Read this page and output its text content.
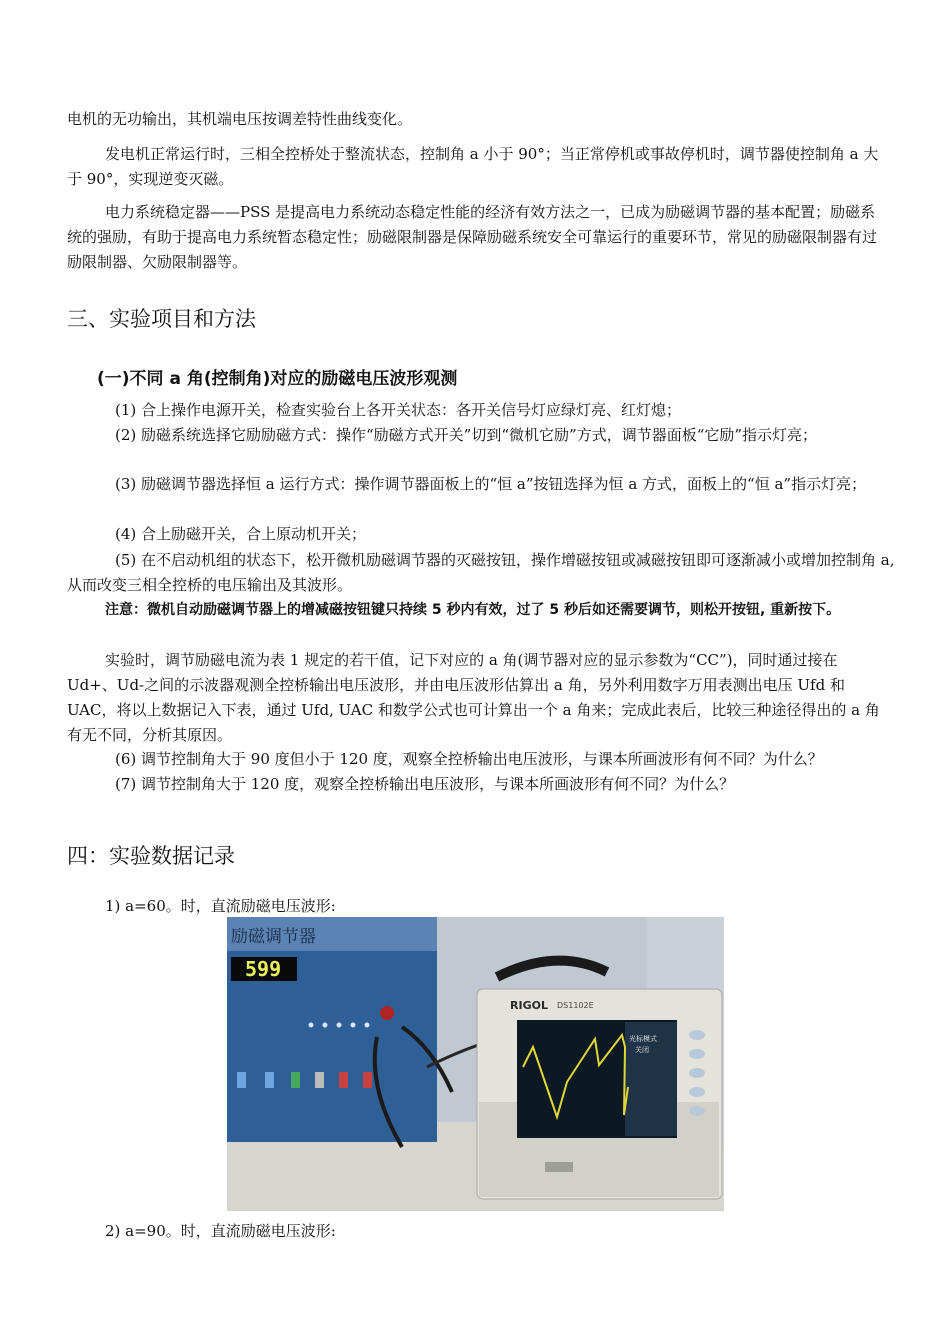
电机的无功输出，其机端电压按调差特性曲线变化。

发电机正常运行时，三相全控桥处于整流状态，控制角 a 小于 90°；当正常停机或事故停机时，调节器使控制角 a 大于 90°，实现逆变灭磁。

电力系统稳定器——PSS 是提高电力系统动态稳定性能的经济有效方法之一，已成为励磁调节器的基本配置；励磁系统的强励，有助于提高电力系统暂态稳定性；励磁限制器是保障励磁系统安全可靠运行的重要环节，常见的励磁限制器有过励限制器、欠励限制器等。

三、实验项目和方法
(一)不同 a 角(控制角)对应的励磁电压波形观测

(1) 合上操作电源开关，检查实验台上各开关状态：各开关信号灯应绿灯亮、红灯熄；

(2) 励磁系统选择它励励磁方式：操作“励磁方式开关”切到“微机它励”方式，调节器面板“它励”指示灯亮；

(3) 励磁调节器选择恒 a 运行方式：操作调节器面板上的“恒 a”按钮选择为恒 a 方式，面板上的“恒 a”指示灯亮；

(4) 合上励磁开关，合上原动机开关；

(5) 在不启动机组的状态下，松开微机励磁调节器的灭磁按钮，操作增磁按钮或减磁按钮即可逐渐减小或增加控制角 a, 从而改变三相全控桥的电压输出及其波形。

注意：微机自动励磁调节器上的增减磁按钮键只持续 5 秒内有效，过了 5 秒后如还需要调节，则松开按钮, 重新按下。

实验时，调节励磁电流为表 1 规定的若干值，记下对应的 a 角(调节器对应的显示参数为“CC”)，同时通过接在 Ud+、Ud-之间的示波器观测全控桥输出电压波形，并由电压波形估算出 a 角，另外利用数字万用表测出电压 Ufd 和 UAC，将以上数据记入下表，通过 Ufd, UAC 和数学公式也可计算出一个 a 角来；完成此表后，比较三种途径得出的 a 角有无不同，分析其原因。

(6) 调节控制角大于 90 度但小于 120 度，观察全控桥输出电压波形，与课本所画波形有何不同？为什么？

(7) 调节控制角大于 120 度，观察全控桥输出电压波形，与课本所画波形有何不同？为什么？

四：实验数据记录

1) a=60。时，直流励磁电压波形:

励磁调节器
599
RIGOL DS1102E
光标模式
关闭

2) a=90。时，直流励磁电压波形:
